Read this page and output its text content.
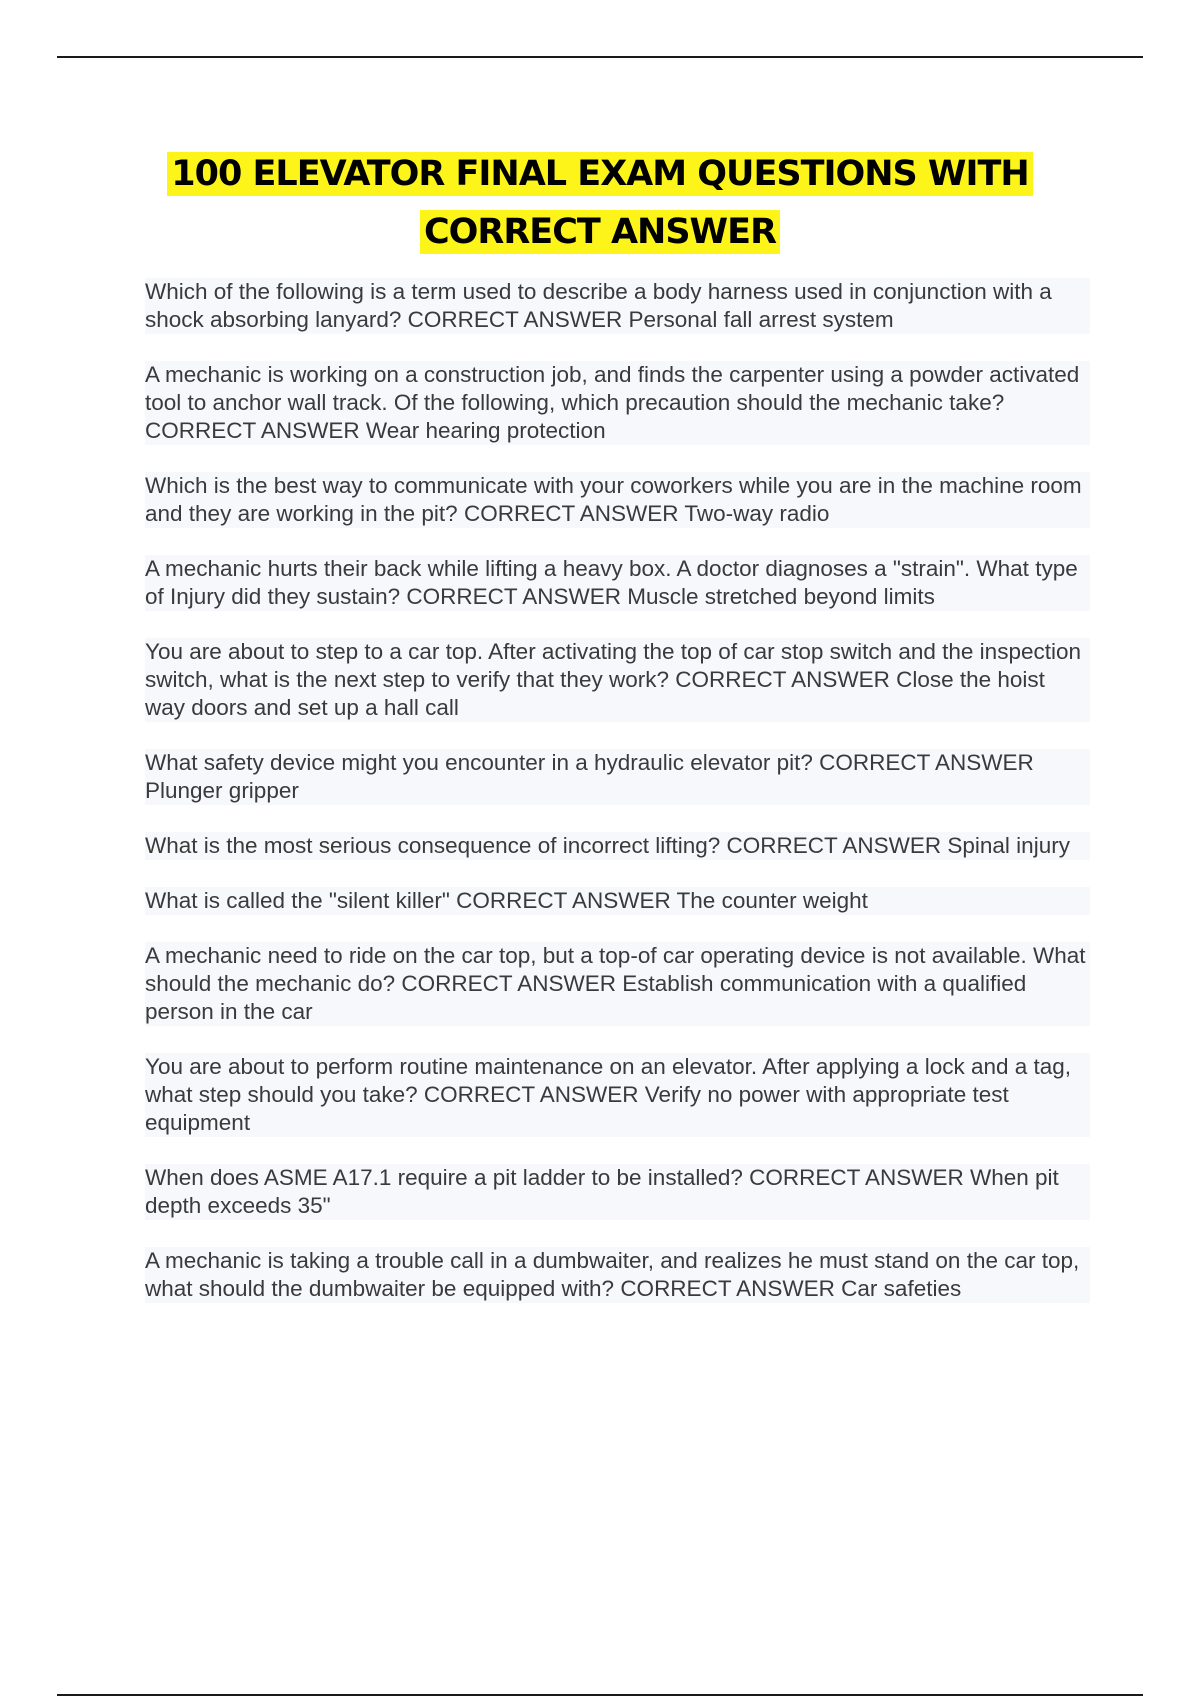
100 ELEVATOR FINAL EXAM QUESTIONS WITH
CORRECT ANSWER

Which of the following is a term used to describe a body harness used in conjunction with a shock absorbing lanyard? CORRECT ANSWER Personal fall arrest system

A mechanic is working on a construction job, and finds the carpenter using a powder activated tool to anchor wall track. Of the following, which precaution should the mechanic take? CORRECT ANSWER Wear hearing protection

Which is the best way to communicate with your coworkers while you are in the machine room and they are working in the pit? CORRECT ANSWER Two-way radio

A mechanic hurts their back while lifting a heavy box. A doctor diagnoses a "strain". What type of Injury did they sustain? CORRECT ANSWER Muscle stretched beyond limits

You are about to step to a car top. After activating the top of car stop switch and the inspection switch, what is the next step to verify that they work? CORRECT ANSWER Close the hoist way doors and set up a hall call

What safety device might you encounter in a hydraulic elevator pit? CORRECT ANSWER Plunger gripper

What is the most serious consequence of incorrect lifting? CORRECT ANSWER Spinal injury

What is called the "silent killer" CORRECT ANSWER The counter weight

A mechanic need to ride on the car top, but a top-of car operating device is not available. What should the mechanic do? CORRECT ANSWER Establish communication with a qualified person in the car

You are about to perform routine maintenance on an elevator. After applying a lock and a tag, what step should you take? CORRECT ANSWER Verify no power with appropriate test equipment

When does ASME A17.1 require a pit ladder to be installed? CORRECT ANSWER When pit depth exceeds 35"

A mechanic is taking a trouble call in a dumbwaiter, and realizes he must stand on the car top, what should the dumbwaiter be equipped with? CORRECT ANSWER Car safeties
